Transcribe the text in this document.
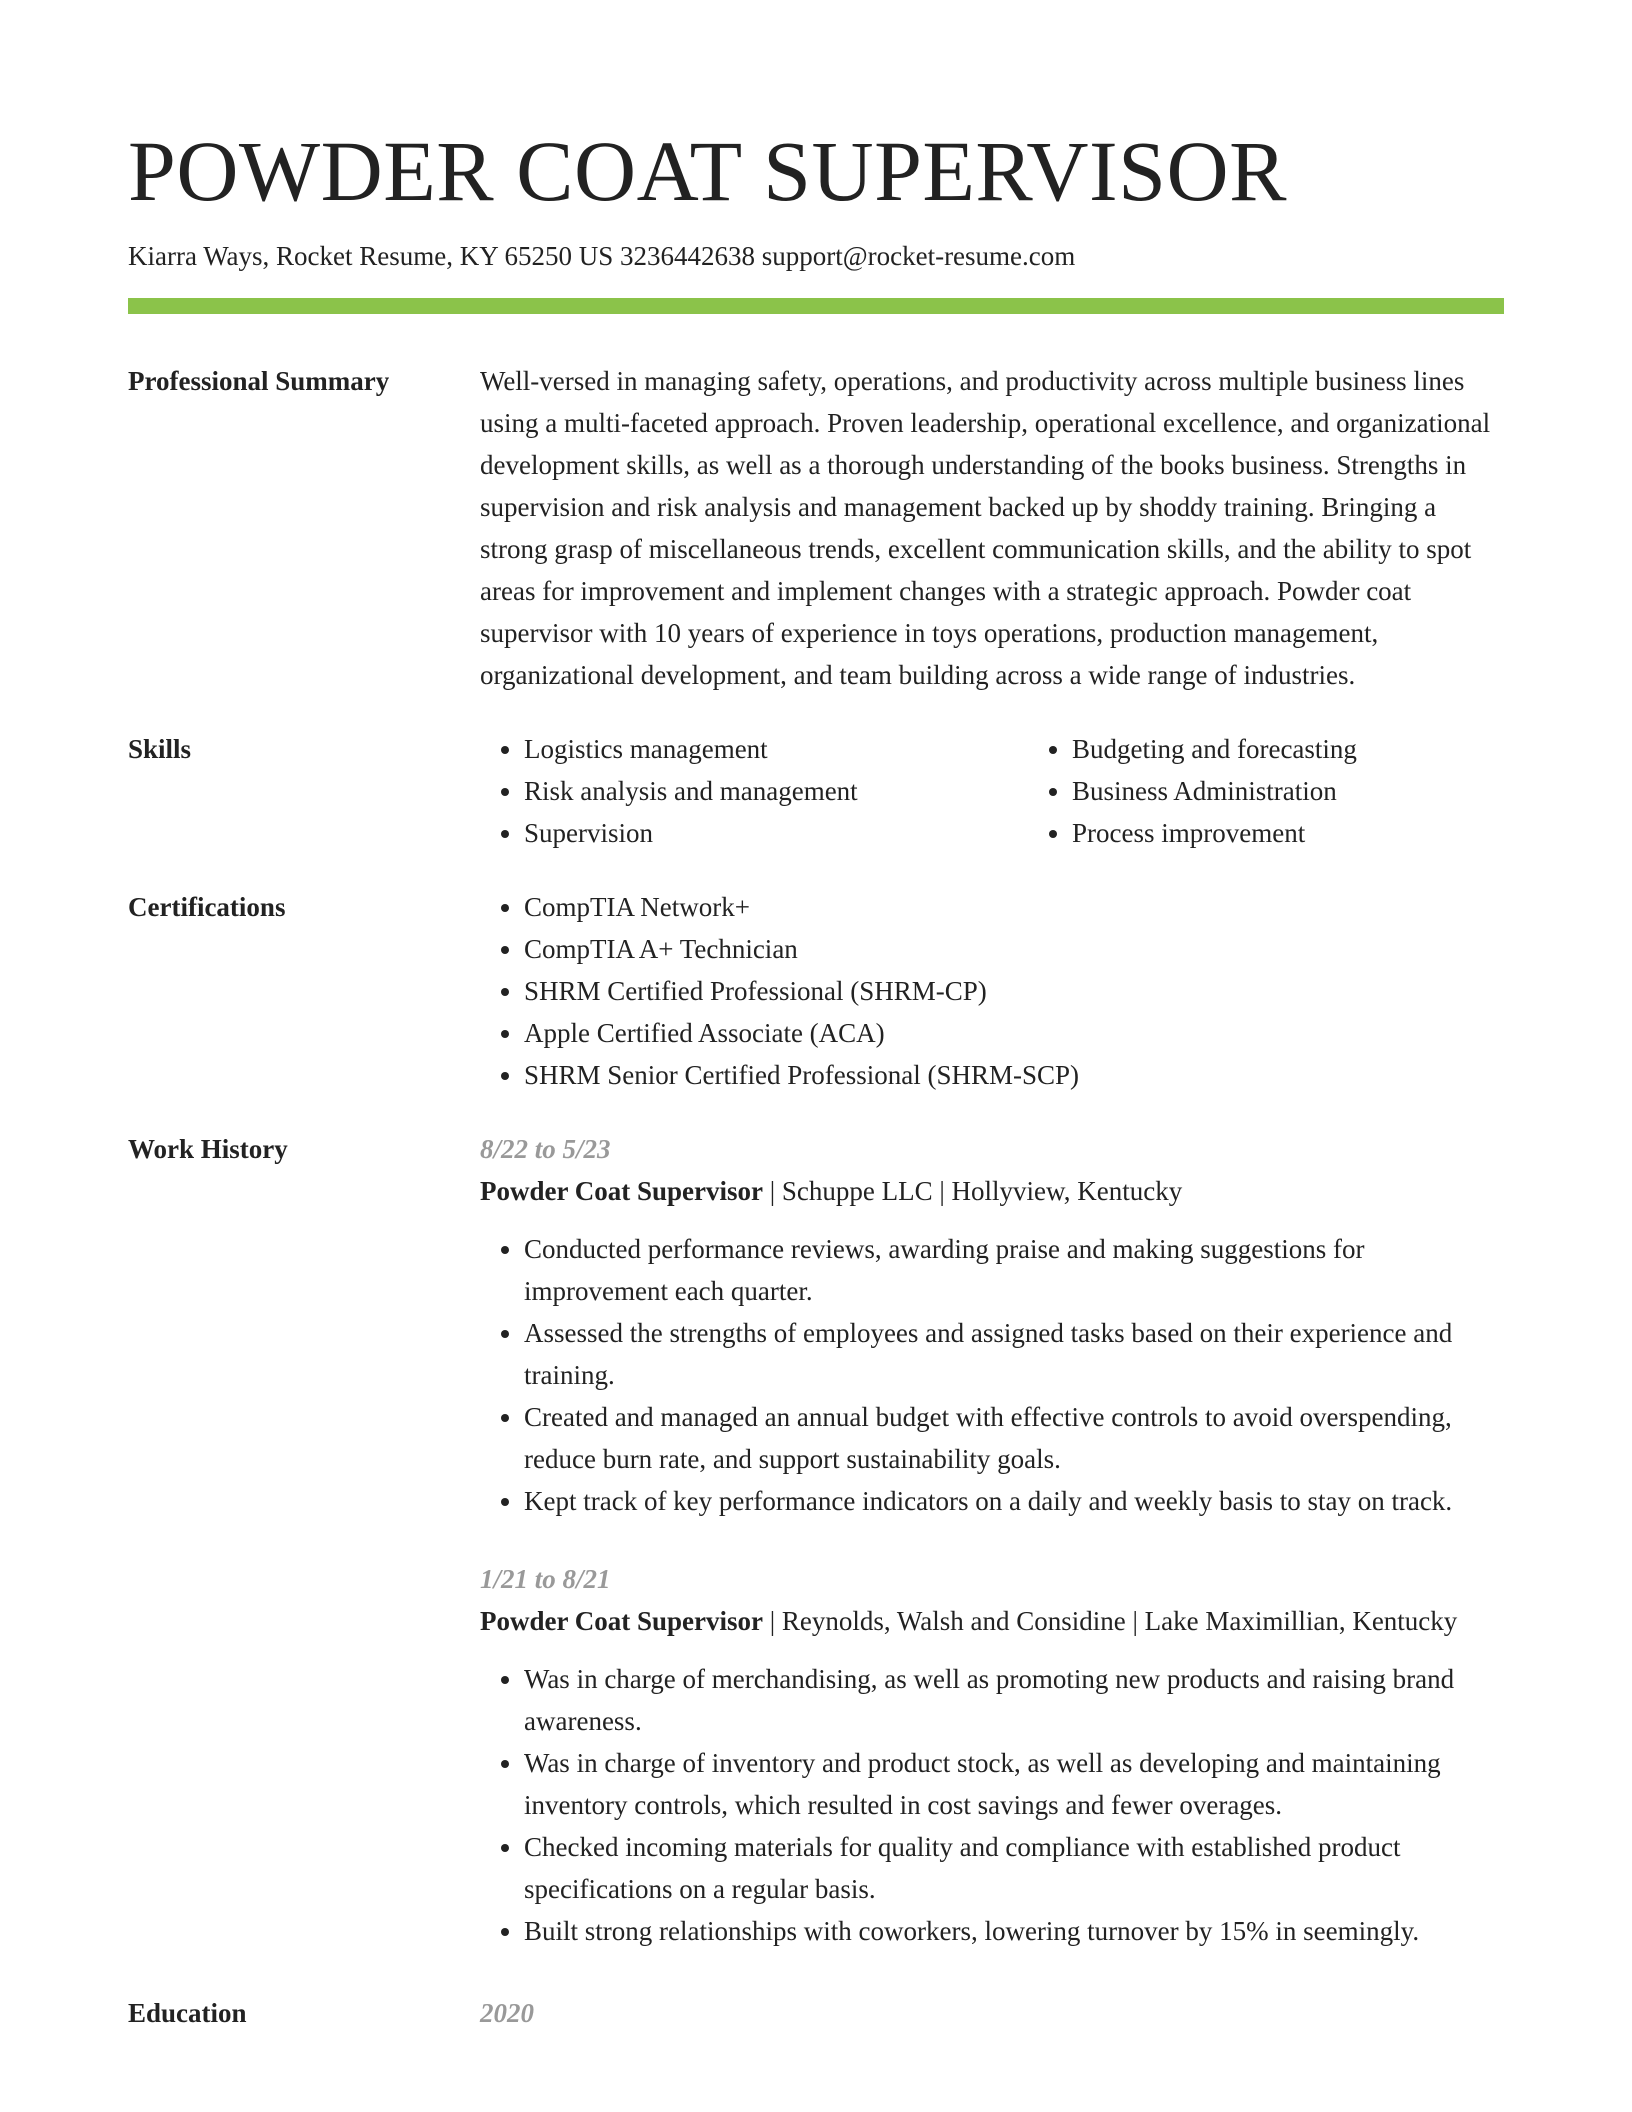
POWDER COAT SUPERVISOR
Kiarra Ways, Rocket Resume, KY 65250 US 3236442638 support@rocket-resume.com
Professional Summary	Well-versed in managing safety, operations, and productivity across multiple business lines using a multi-faceted approach. Proven leadership, operational excellence, and organizational development skills, as well as a thorough understanding of the books business. Strengths in supervision and risk analysis and management backed up by shoddy training. Bringing a strong grasp of miscellaneous trends, excellent communication skills, and the ability to spot areas for improvement and implement changes with a strategic approach. Powder coat supervisor with 10 years of experience in toys operations, production management, organizational development, and team building across a wide range of industries.

Skills	• Logistics management
• Risk analysis and management
• Supervision
• Budgeting and forecasting
• Business Administration
• Process improvement
Certifications	• CompTIA Network+
• CompTIA A+ Technician
• SHRM Certified Professional (SHRM-CP)
• Apple Certified Associate (ACA)
• SHRM Senior Certified Professional (SHRM-SCP)
Work History	8/22 to 5/23
Powder Coat Supervisor | Schuppe LLC | Hollyview, Kentucky
• Conducted performance reviews, awarding praise and making suggestions for improvement each quarter.
• Assessed the strengths of employees and assigned tasks based on their experience and training.
• Created and managed an annual budget with effective controls to avoid overspending, reduce burn rate, and support sustainability goals.
• Kept track of key performance indicators on a daily and weekly basis to stay on track.
1/21 to 8/21
Powder Coat Supervisor | Reynolds, Walsh and Considine | Lake Maximillian, Kentucky
• Was in charge of merchandising, as well as promoting new products and raising brand awareness.
• Was in charge of inventory and product stock, as well as developing and maintaining inventory controls, which resulted in cost savings and fewer overages.
• Checked incoming materials for quality and compliance with established product specifications on a regular basis.
• Built strong relationships with coworkers, lowering turnover by 15% in seemingly.
Education	2020
